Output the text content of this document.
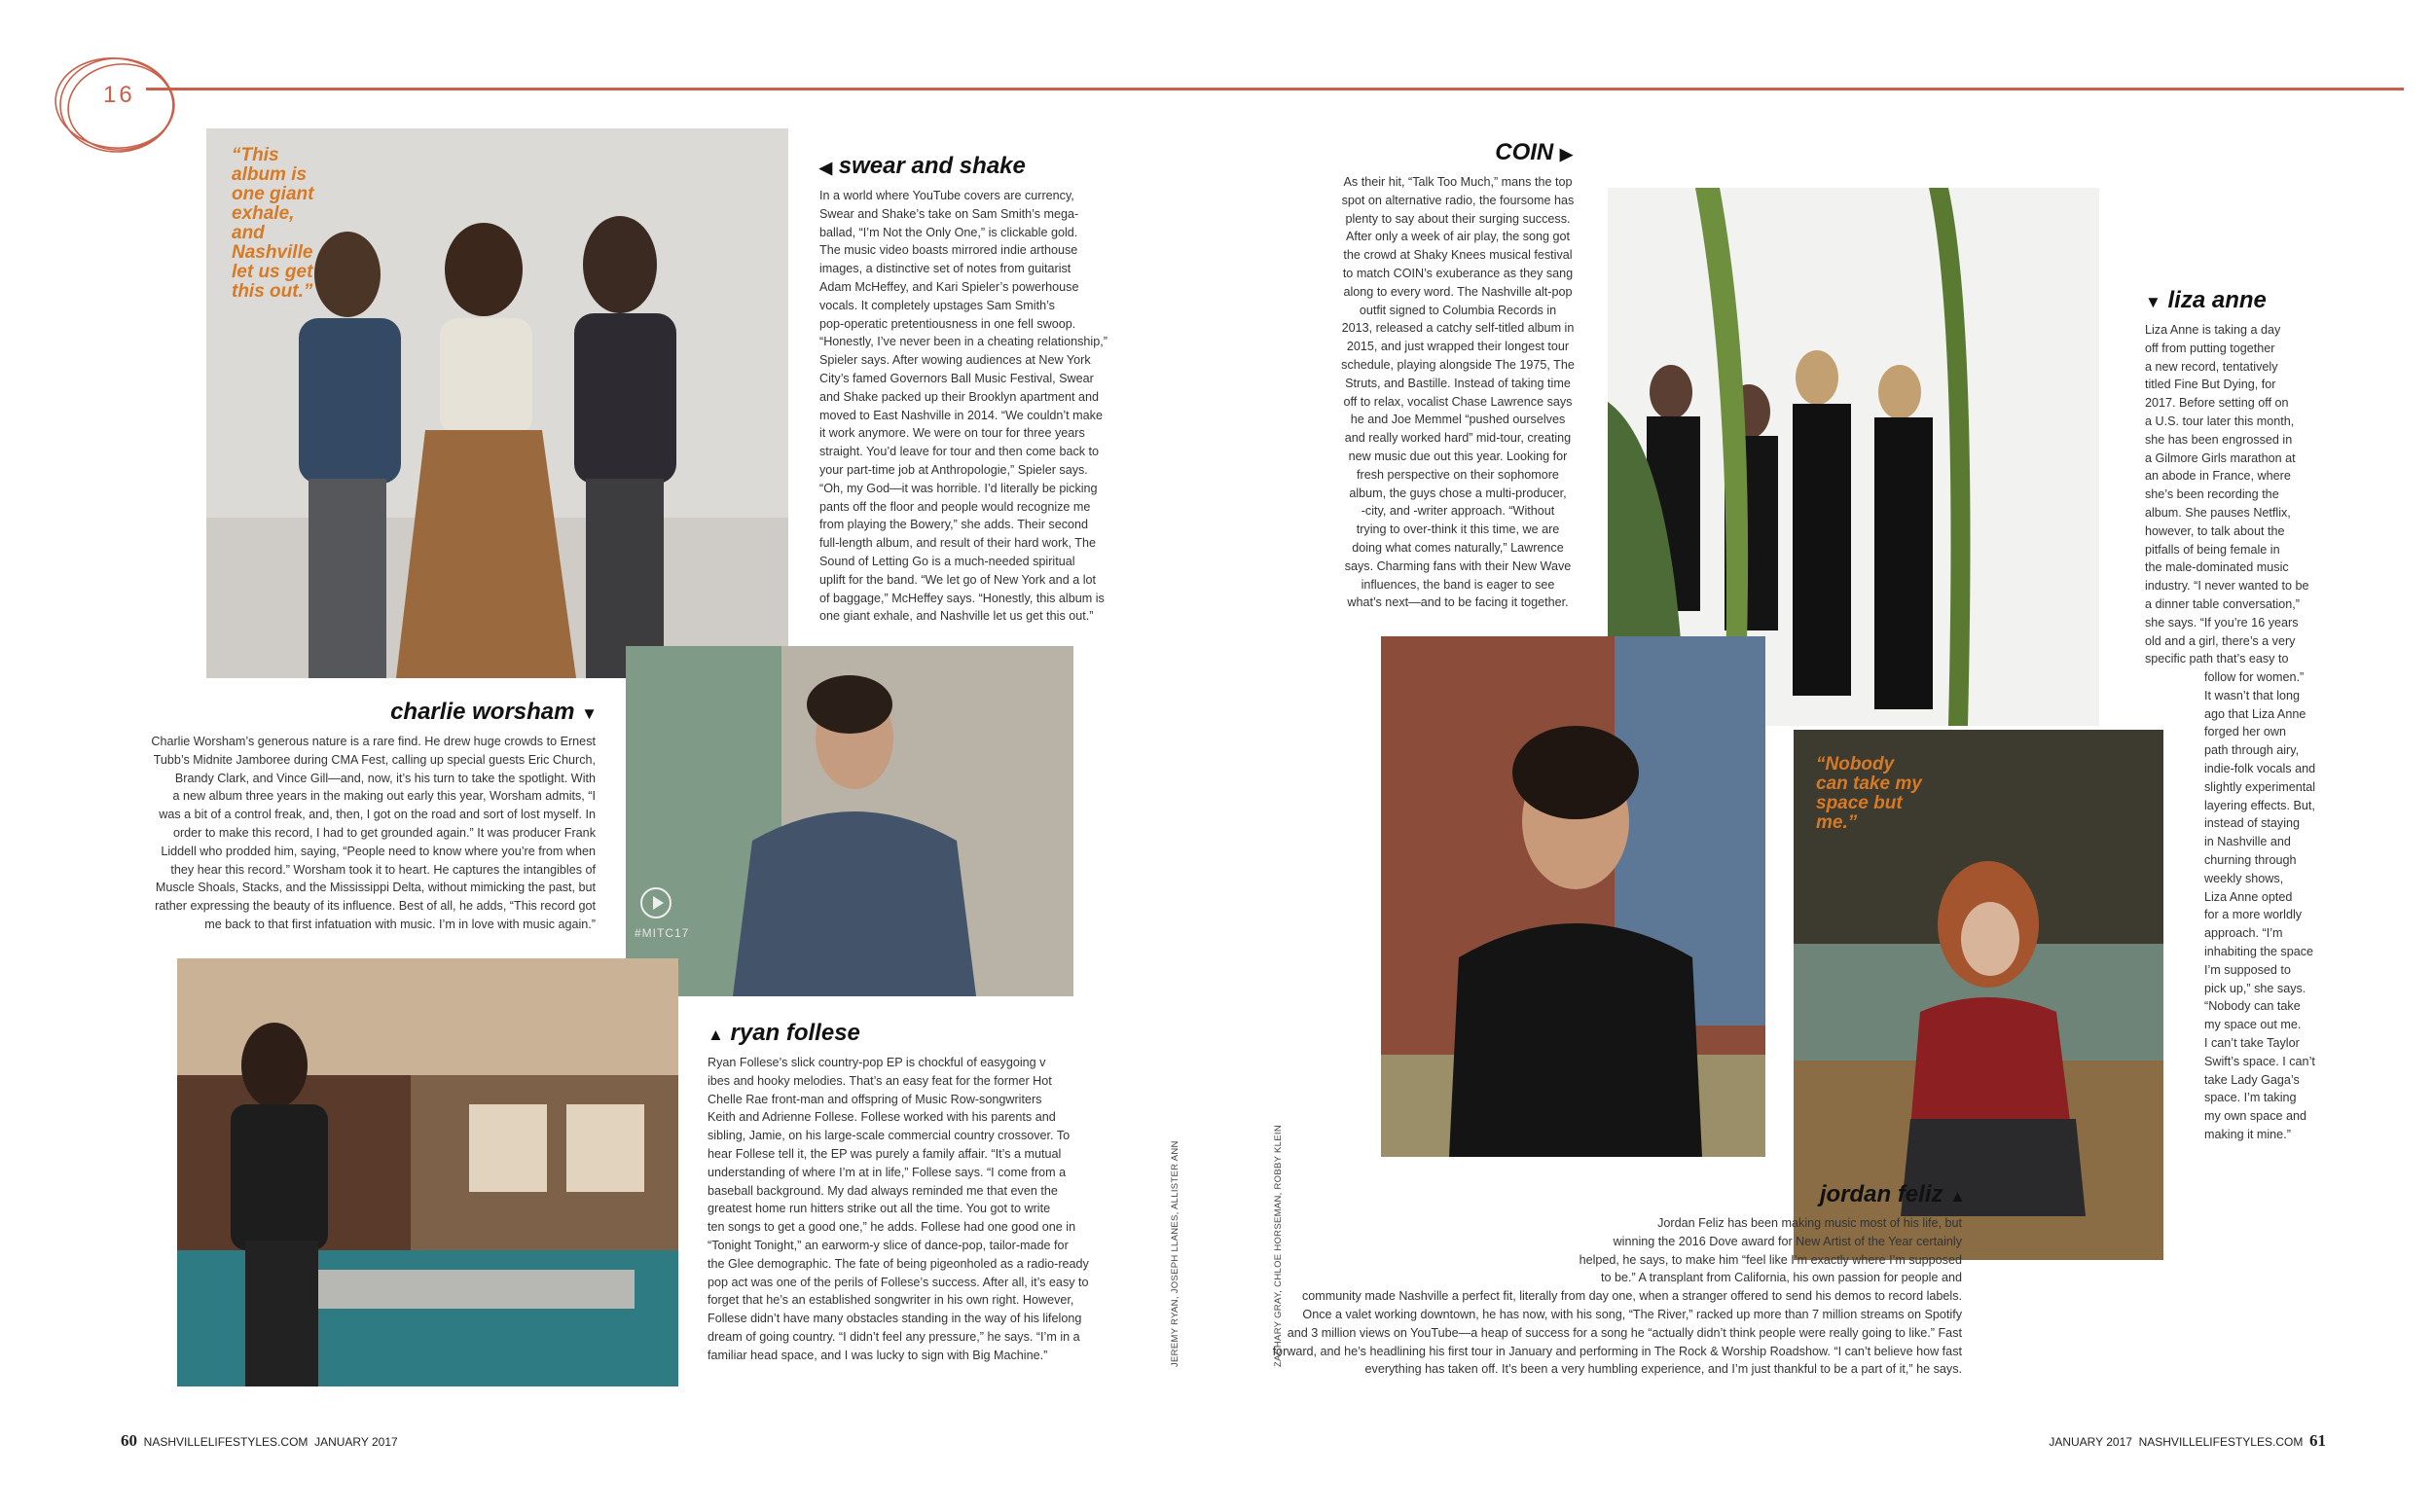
16
#MITC17
“This
album is
one giant
exhale,
and
Nashville
let us get
this out.”
“Nobody
can take my
space but
me.”
◀ swear and shake
In a world where YouTube covers are currency,
Swear and Shake’s take on Sam Smith’s mega-
ballad, “I’m Not the Only One,” is clickable gold.
The music video boasts mirrored indie arthouse
images, a distinctive set of notes from guitarist
Adam McHeffey, and Kari Spieler’s powerhouse
vocals. It completely upstages Sam Smith’s
pop-operatic pretentiousness in one fell swoop.
“Honestly, I’ve never been in a cheating relationship,”
Spieler says. After wowing audiences at New York
City’s famed Governors Ball Music Festival, Swear
and Shake packed up their Brooklyn apartment and
moved to East Nashville in 2014. “We couldn’t make
it work anymore. We were on tour for three years
straight. You’d leave for tour and then come back to
your part-time job at Anthropologie,” Spieler says.
“Oh, my God—it was horrible. I’d literally be picking
pants off the floor and people would recognize me
from playing the Bowery,” she adds. Their second
full-length album, and result of their hard work, The
Sound of Letting Go is a much-needed spiritual
uplift for the band. “We let go of New York and a lot
of baggage,” McHeffey says. “Honestly, this album is
one giant exhale, and Nashville let us get this out.”
charlie worsham ▼
Charlie Worsham’s generous nature is a rare find. He drew huge crowds to Ernest
Tubb’s Midnite Jamboree during CMA Fest, calling up special guests Eric Church,
Brandy Clark, and Vince Gill—and, now, it’s his turn to take the spotlight. With
a new album three years in the making out early this year, Worsham admits, “I
was a bit of a control freak, and, then, I got on the road and sort of lost myself. In
order to make this record, I had to get grounded again.” It was producer Frank
Liddell who prodded him, saying, “People need to know where you’re from when
they hear this record.” Worsham took it to heart. He captures the intangibles of
Muscle Shoals, Stacks, and the Mississippi Delta, without mimicking the past, but
rather expressing the beauty of its influence. Best of all, he adds, “This record got
me back to that first infatuation with music. I’m in love with music again.”
▲ ryan follese
Ryan Follese’s slick country-pop EP is chockful of easygoing v
ibes and hooky melodies. That’s an easy feat for the former Hot
Chelle Rae front-man and offspring of Music Row-songwriters
Keith and Adrienne Follese. Follese worked with his parents and
sibling, Jamie, on his large-scale commercial country crossover. To
hear Follese tell it, the EP was purely a family affair. “It’s a mutual
understanding of where I’m at in life,” Follese says. “I come from a
baseball background. My dad always reminded me that even the
greatest home run hitters strike out all the time. You got to write
ten songs to get a good one,” he adds. Follese had one good one in
“Tonight Tonight,” an earworm-y slice of dance-pop, tailor-made for
the Glee demographic. The fate of being pigeonholed as a radio-ready
pop act was one of the perils of Follese’s success. After all, it’s easy to
forget that he’s an established songwriter in his own right. However,
Follese didn’t have many obstacles standing in the way of his lifelong
dream of going country. “I didn’t feel any pressure,” he says. “I’m in a
familiar head space, and I was lucky to sign with Big Machine.”
COIN ▶
As their hit, “Talk Too Much,” mans the top
spot on alternative radio, the foursome has
plenty to say about their surging success.
After only a week of air play, the song got
the crowd at Shaky Knees musical festival
to match COIN’s exuberance as they sang
along to every word. The Nashville alt-pop
outfit signed to Columbia Records in
2013, released a catchy self-titled album in
2015, and just wrapped their longest tour
schedule, playing alongside The 1975, The
Struts, and Bastille. Instead of taking time
off to relax, vocalist Chase Lawrence says
he and Joe Memmel “pushed ourselves
and really worked hard” mid-tour, creating
new music due out this year. Looking for
fresh perspective on their sophomore
album, the guys chose a multi-producer,
-city, and -writer approach. “Without
trying to over-think it this time, we are
doing what comes naturally,” Lawrence
says. Charming fans with their New Wave
influences, the band is eager to see
what’s next—and to be facing it together.
▼ liza anne
Liza Anne is taking a day
off from putting together
a new record, tentatively
titled Fine But Dying, for
2017. Before setting off on
a U.S. tour later this month,
she has been engrossed in
a Gilmore Girls marathon at
an abode in France, where
she’s been recording the
album. She pauses Netflix,
however, to talk about the
pitfalls of being female in
the male-dominated music
industry. “I never wanted to be
a dinner table conversation,”
she says. “If you’re 16 years
old and a girl, there’s a very
specific path that’s easy to
follow for women.”
It wasn’t that long
ago that Liza Anne
forged her own
path through airy,
indie-folk vocals and
slightly experimental
layering effects. But,
instead of staying
in Nashville and
churning through
weekly shows,
Liza Anne opted
for a more worldly
approach. “I’m
inhabiting the space
I’m supposed to
pick up,” she says.
“Nobody can take
my space out me.
I can’t take Taylor
Swift’s space. I can’t
take Lady Gaga’s
space. I’m taking
my own space and
making it mine.”
jordan feliz ▲
Jordan Feliz has been making music most of his life, but
winning the 2016 Dove award for New Artist of the Year certainly
helped, he says, to make him “feel like I’m exactly where I’m supposed
to be.” A transplant from California, his own passion for people and
community made Nashville a perfect fit, literally from day one, when a stranger offered to send his demos to record labels.
Once a valet working downtown, he has now, with his song, “The River,” racked up more than 7 million streams on Spotify
and 3 million views on YouTube—a heap of success for a song he “actually didn’t think people were really going to like.” Fast
forward, and he’s headlining his first tour in January and performing in The Rock & Worship Roadshow. “I can’t believe how fast
everything has taken off. It’s been a very humbling experience, and I’m just thankful to be a part of it,” he says.
JEREMY RYAN, JOSEPH LLANES, ALLISTER ANN	ZACHARY GRAY, CHLOE HORSEMAN, ROBBY KLEIN
60 NASHVILLELIFESTYLES.COM JANUARY 2017	JANUARY 2017 NASHVILLELIFESTYLES.COM 61
